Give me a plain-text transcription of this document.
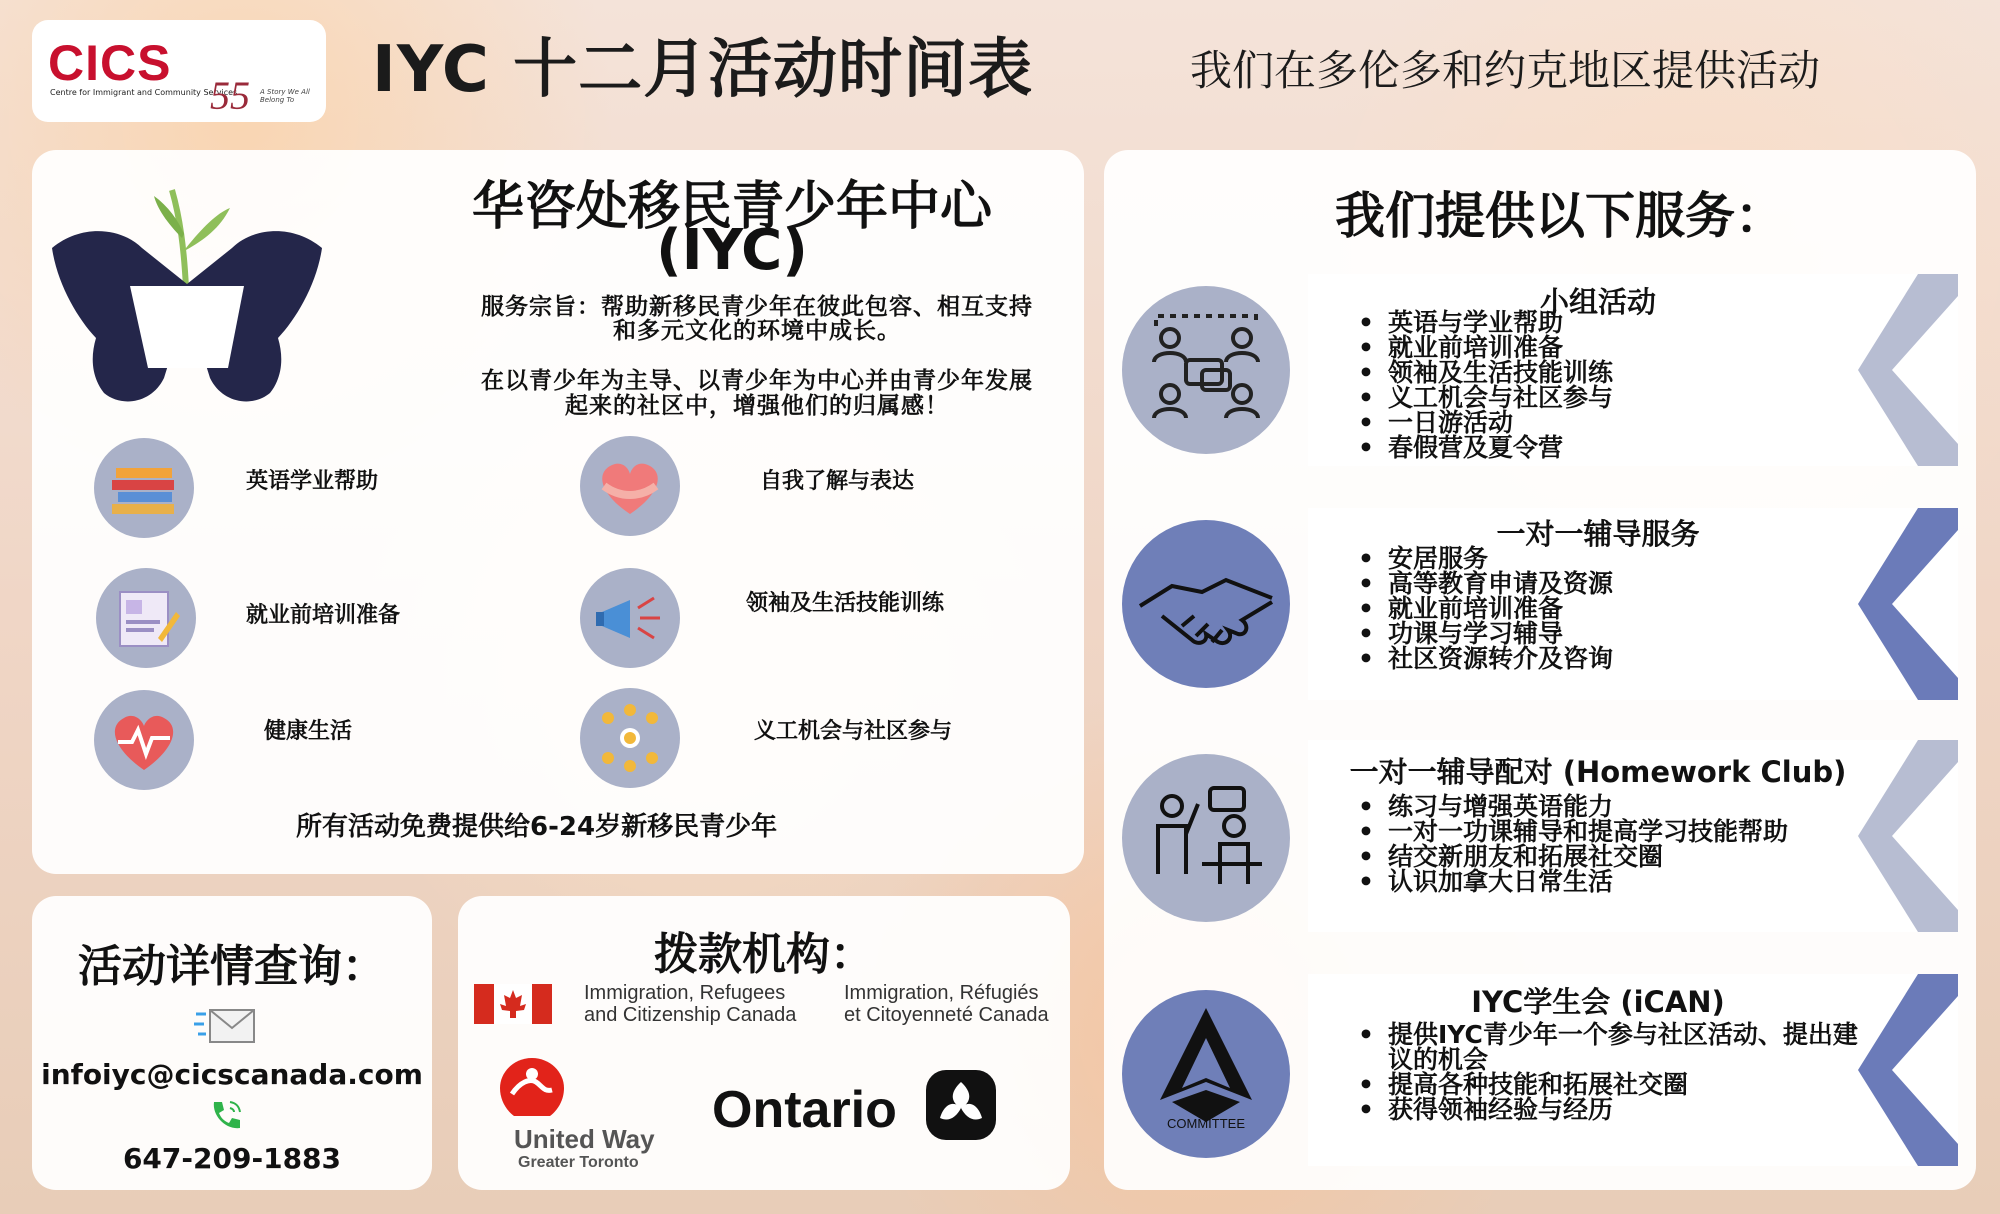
CICS
Centre for Immigrant and Community Services
55 A Story We All Belong To	IYC 十二月活动时间表	我们在多伦多和约克地区提供活动
华咨处移民青少年中心
(IYC)
服务宗旨：帮助新移民青少年在彼此包容、相互支持
和多元文化的环境中成长。
在以青少年为主导、以青少年为中心并由青少年发展
起来的社区中，增强他们的归属感！
英语学业帮助	自我了解与表达
就业前培训准备	领袖及生活技能训练
健康生活	义工机会与社区参与
所有活动免费提供给6-24岁新移民青少年
我们提供以下服务：
小组活动
• 英语与学业帮助
• 就业前培训准备
• 领袖及生活技能训练
• 义工机会与社区参与
• 一日游活动
• 春假营及夏令营
一对一辅导服务
• 安居服务
• 高等教育申请及资源
• 就业前培训准备
• 功课与学习辅导
• 社区资源转介及咨询
一对一辅导配对 (Homework Club)
• 练习与增强英语能力
• 一对一功课辅导和提高学习技能帮助
• 结交新朋友和拓展社交圈
• 认识加拿大日常生活
COMMITTEE
IYC学生会 (iCAN)
• 提供IYC青少年一个参与社区活动、提出建议的机会
• 提高各种技能和拓展社交圈
• 获得领袖经验与经历
活动详情查询：
infoiyc@cicscanada.com
647-209-1883
拨款机构：
Immigration, Refugees
and Citizenship Canada
Immigration, Réfugiés
et Citoyenneté Canada
United Way
Greater Toronto
Ontario
